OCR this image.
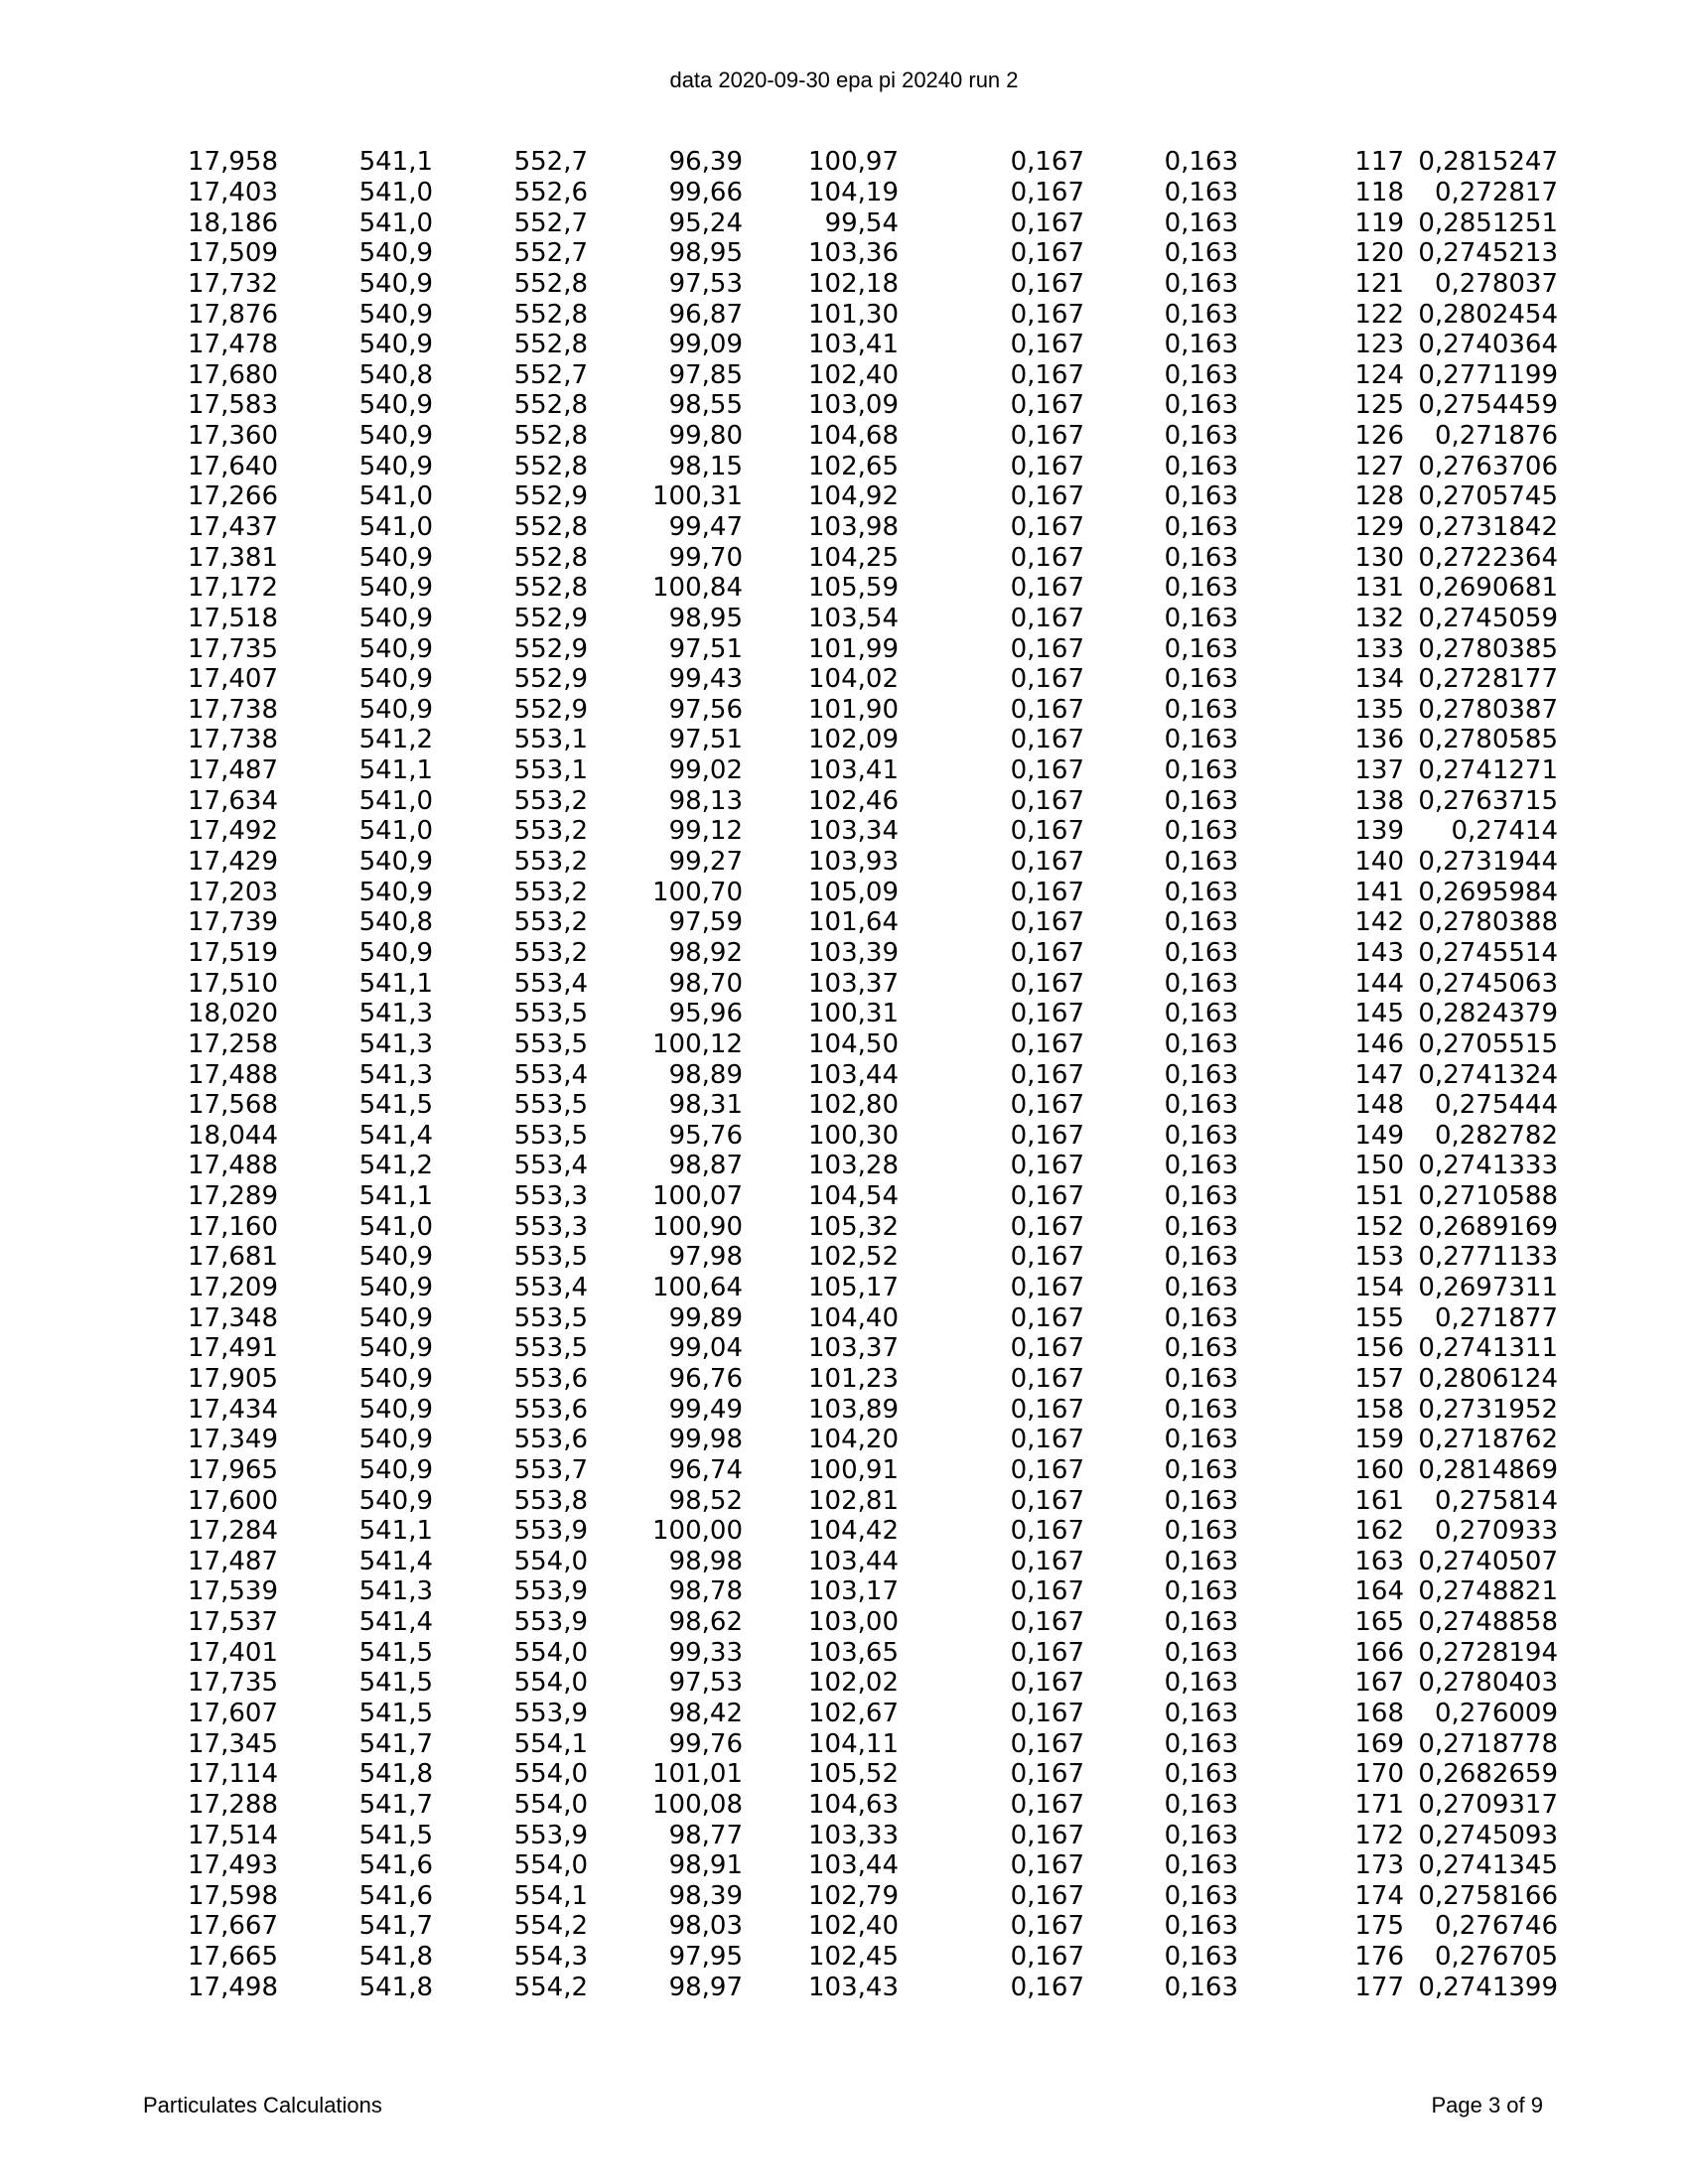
data 2020-09-30 epa pi 20240 run 2
17,958	541,1	552,7	96,39	100,97	0,167	0,163	117	0,2815247
17,403	541,0	552,6	99,66	104,19	0,167	0,163	118	0,272817
18,186	541,0	552,7	95,24	99,54	0,167	0,163	119	0,2851251
17,509	540,9	552,7	98,95	103,36	0,167	0,163	120	0,2745213
17,732	540,9	552,8	97,53	102,18	0,167	0,163	121	0,278037
17,876	540,9	552,8	96,87	101,30	0,167	0,163	122	0,2802454
17,478	540,9	552,8	99,09	103,41	0,167	0,163	123	0,2740364
17,680	540,8	552,7	97,85	102,40	0,167	0,163	124	0,2771199
17,583	540,9	552,8	98,55	103,09	0,167	0,163	125	0,2754459
17,360	540,9	552,8	99,80	104,68	0,167	0,163	126	0,271876
17,640	540,9	552,8	98,15	102,65	0,167	0,163	127	0,2763706
17,266	541,0	552,9	100,31	104,92	0,167	0,163	128	0,2705745
17,437	541,0	552,8	99,47	103,98	0,167	0,163	129	0,2731842
17,381	540,9	552,8	99,70	104,25	0,167	0,163	130	0,2722364
17,172	540,9	552,8	100,84	105,59	0,167	0,163	131	0,2690681
17,518	540,9	552,9	98,95	103,54	0,167	0,163	132	0,2745059
17,735	540,9	552,9	97,51	101,99	0,167	0,163	133	0,2780385
17,407	540,9	552,9	99,43	104,02	0,167	0,163	134	0,2728177
17,738	540,9	552,9	97,56	101,90	0,167	0,163	135	0,2780387
17,738	541,2	553,1	97,51	102,09	0,167	0,163	136	0,2780585
17,487	541,1	553,1	99,02	103,41	0,167	0,163	137	0,2741271
17,634	541,0	553,2	98,13	102,46	0,167	0,163	138	0,2763715
17,492	541,0	553,2	99,12	103,34	0,167	0,163	139	0,27414
17,429	540,9	553,2	99,27	103,93	0,167	0,163	140	0,2731944
17,203	540,9	553,2	100,70	105,09	0,167	0,163	141	0,2695984
17,739	540,8	553,2	97,59	101,64	0,167	0,163	142	0,2780388
17,519	540,9	553,2	98,92	103,39	0,167	0,163	143	0,2745514
17,510	541,1	553,4	98,70	103,37	0,167	0,163	144	0,2745063
18,020	541,3	553,5	95,96	100,31	0,167	0,163	145	0,2824379
17,258	541,3	553,5	100,12	104,50	0,167	0,163	146	0,2705515
17,488	541,3	553,4	98,89	103,44	0,167	0,163	147	0,2741324
17,568	541,5	553,5	98,31	102,80	0,167	0,163	148	0,275444
18,044	541,4	553,5	95,76	100,30	0,167	0,163	149	0,282782
17,488	541,2	553,4	98,87	103,28	0,167	0,163	150	0,2741333
17,289	541,1	553,3	100,07	104,54	0,167	0,163	151	0,2710588
17,160	541,0	553,3	100,90	105,32	0,167	0,163	152	0,2689169
17,681	540,9	553,5	97,98	102,52	0,167	0,163	153	0,2771133
17,209	540,9	553,4	100,64	105,17	0,167	0,163	154	0,2697311
17,348	540,9	553,5	99,89	104,40	0,167	0,163	155	0,271877
17,491	540,9	553,5	99,04	103,37	0,167	0,163	156	0,2741311
17,905	540,9	553,6	96,76	101,23	0,167	0,163	157	0,2806124
17,434	540,9	553,6	99,49	103,89	0,167	0,163	158	0,2731952
17,349	540,9	553,6	99,98	104,20	0,167	0,163	159	0,2718762
17,965	540,9	553,7	96,74	100,91	0,167	0,163	160	0,2814869
17,600	540,9	553,8	98,52	102,81	0,167	0,163	161	0,275814
17,284	541,1	553,9	100,00	104,42	0,167	0,163	162	0,270933
17,487	541,4	554,0	98,98	103,44	0,167	0,163	163	0,2740507
17,539	541,3	553,9	98,78	103,17	0,167	0,163	164	0,2748821
17,537	541,4	553,9	98,62	103,00	0,167	0,163	165	0,2748858
17,401	541,5	554,0	99,33	103,65	0,167	0,163	166	0,2728194
17,735	541,5	554,0	97,53	102,02	0,167	0,163	167	0,2780403
17,607	541,5	553,9	98,42	102,67	0,167	0,163	168	0,276009
17,345	541,7	554,1	99,76	104,11	0,167	0,163	169	0,2718778
17,114	541,8	554,0	101,01	105,52	0,167	0,163	170	0,2682659
17,288	541,7	554,0	100,08	104,63	0,167	0,163	171	0,2709317
17,514	541,5	553,9	98,77	103,33	0,167	0,163	172	0,2745093
17,493	541,6	554,0	98,91	103,44	0,167	0,163	173	0,2741345
17,598	541,6	554,1	98,39	102,79	0,167	0,163	174	0,2758166
17,667	541,7	554,2	98,03	102,40	0,167	0,163	175	0,276746
17,665	541,8	554,3	97,95	102,45	0,167	0,163	176	0,276705
17,498	541,8	554,2	98,97	103,43	0,167	0,163	177	0,2741399
Particulates Calculations	Page 3 of 9
